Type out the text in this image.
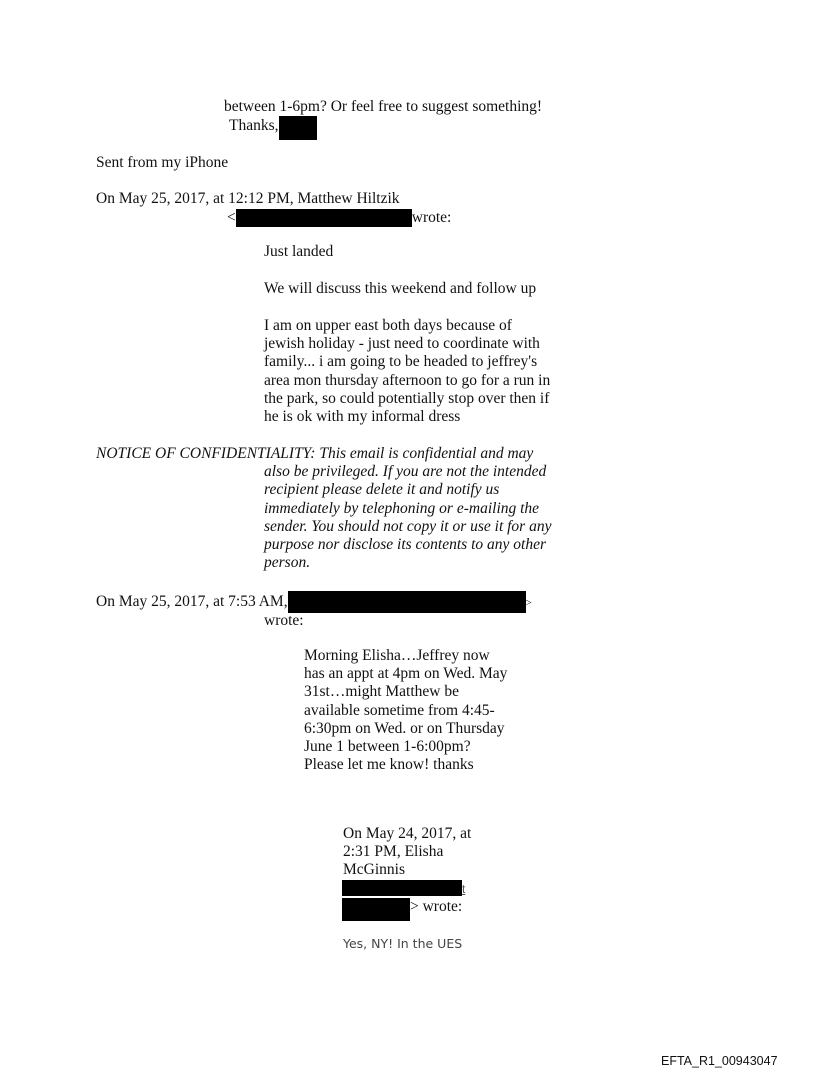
between 1-6pm? Or feel free to suggest something!
Thanks,
Sent from my iPhone
On May 25, 2017, at 12:12 PM, Matthew Hiltzik
<	wrote:
Just landed
We will discuss this weekend and follow up
I am on upper east both days because of jewish holiday - just need to coordinate with family... i am going to be headed to jeffrey's area mon thursday afternoon to go for a run in the park, so could potentially stop over then if he is ok with my informal dress
NOTICE OF CONFIDENTIALITY: This email is confidential and may also be privileged. If you are not the intended recipient please delete it and notify us immediately by telephoning or e-mailing the sender. You should not copy it or use it for any purpose nor disclose its contents to any other person.
On May 25, 2017, at 7:53 AM,	>
wrote:
Morning Elisha…Jeffrey now has an appt at 4pm on Wed. May 31st…might Matthew be available sometime from 4:45-6:30pm on Wed. or on Thursday June 1 between 1-6:00pm? Please let me know! thanks
On May 24, 2017, at 2:31 PM, Elisha McGinnis
t
> wrote:
Yes, NY! In the UES
EFTA_R1_00943047
